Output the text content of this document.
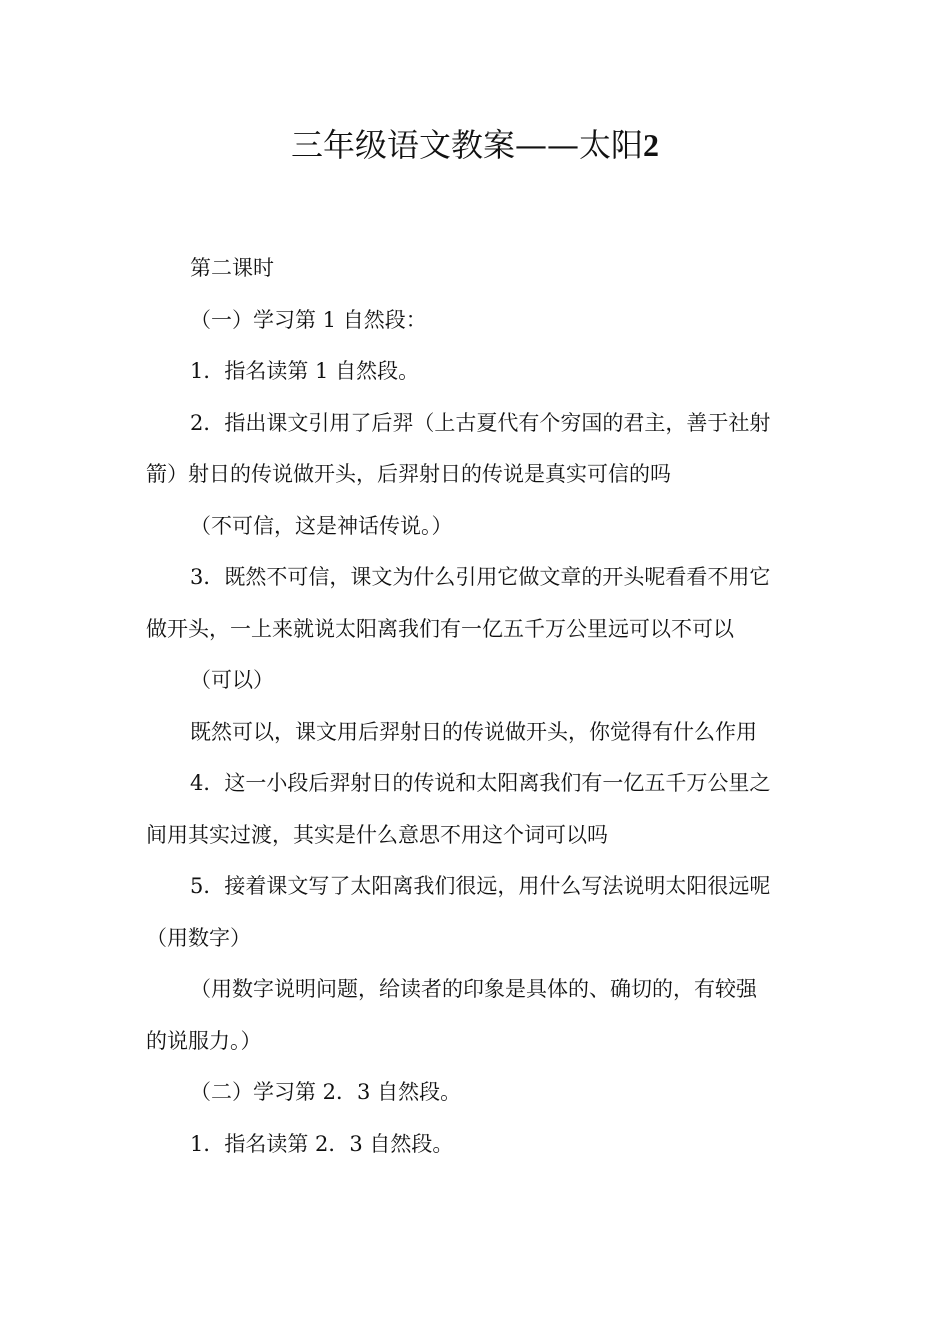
三年级语文教案——太阳2

第二课时

（一）学习第 1 自然段：

1．指名读第 1 自然段。

2．指出课文引用了后羿（上古夏代有个穷国的君主，善于社射

箭）射日的传说做开头，后羿射日的传说是真实可信的吗

（不可信，这是神话传说。）

3．既然不可信，课文为什么引用它做文章的开头呢看看不用它

做开头，一上来就说太阳离我们有一亿五千万公里远可以不可以

（可以）

既然可以，课文用后羿射日的传说做开头，你觉得有什么作用

4．这一小段后羿射日的传说和太阳离我们有一亿五千万公里之

间用其实过渡，其实是什么意思不用这个词可以吗

5．接着课文写了太阳离我们很远，用什么写法说明太阳很远呢

（用数字）

（用数字说明问题，给读者的印象是具体的、确切的，有较强

的说服力。）

（二）学习第 2．3 自然段。

1．指名读第 2．3 自然段。
